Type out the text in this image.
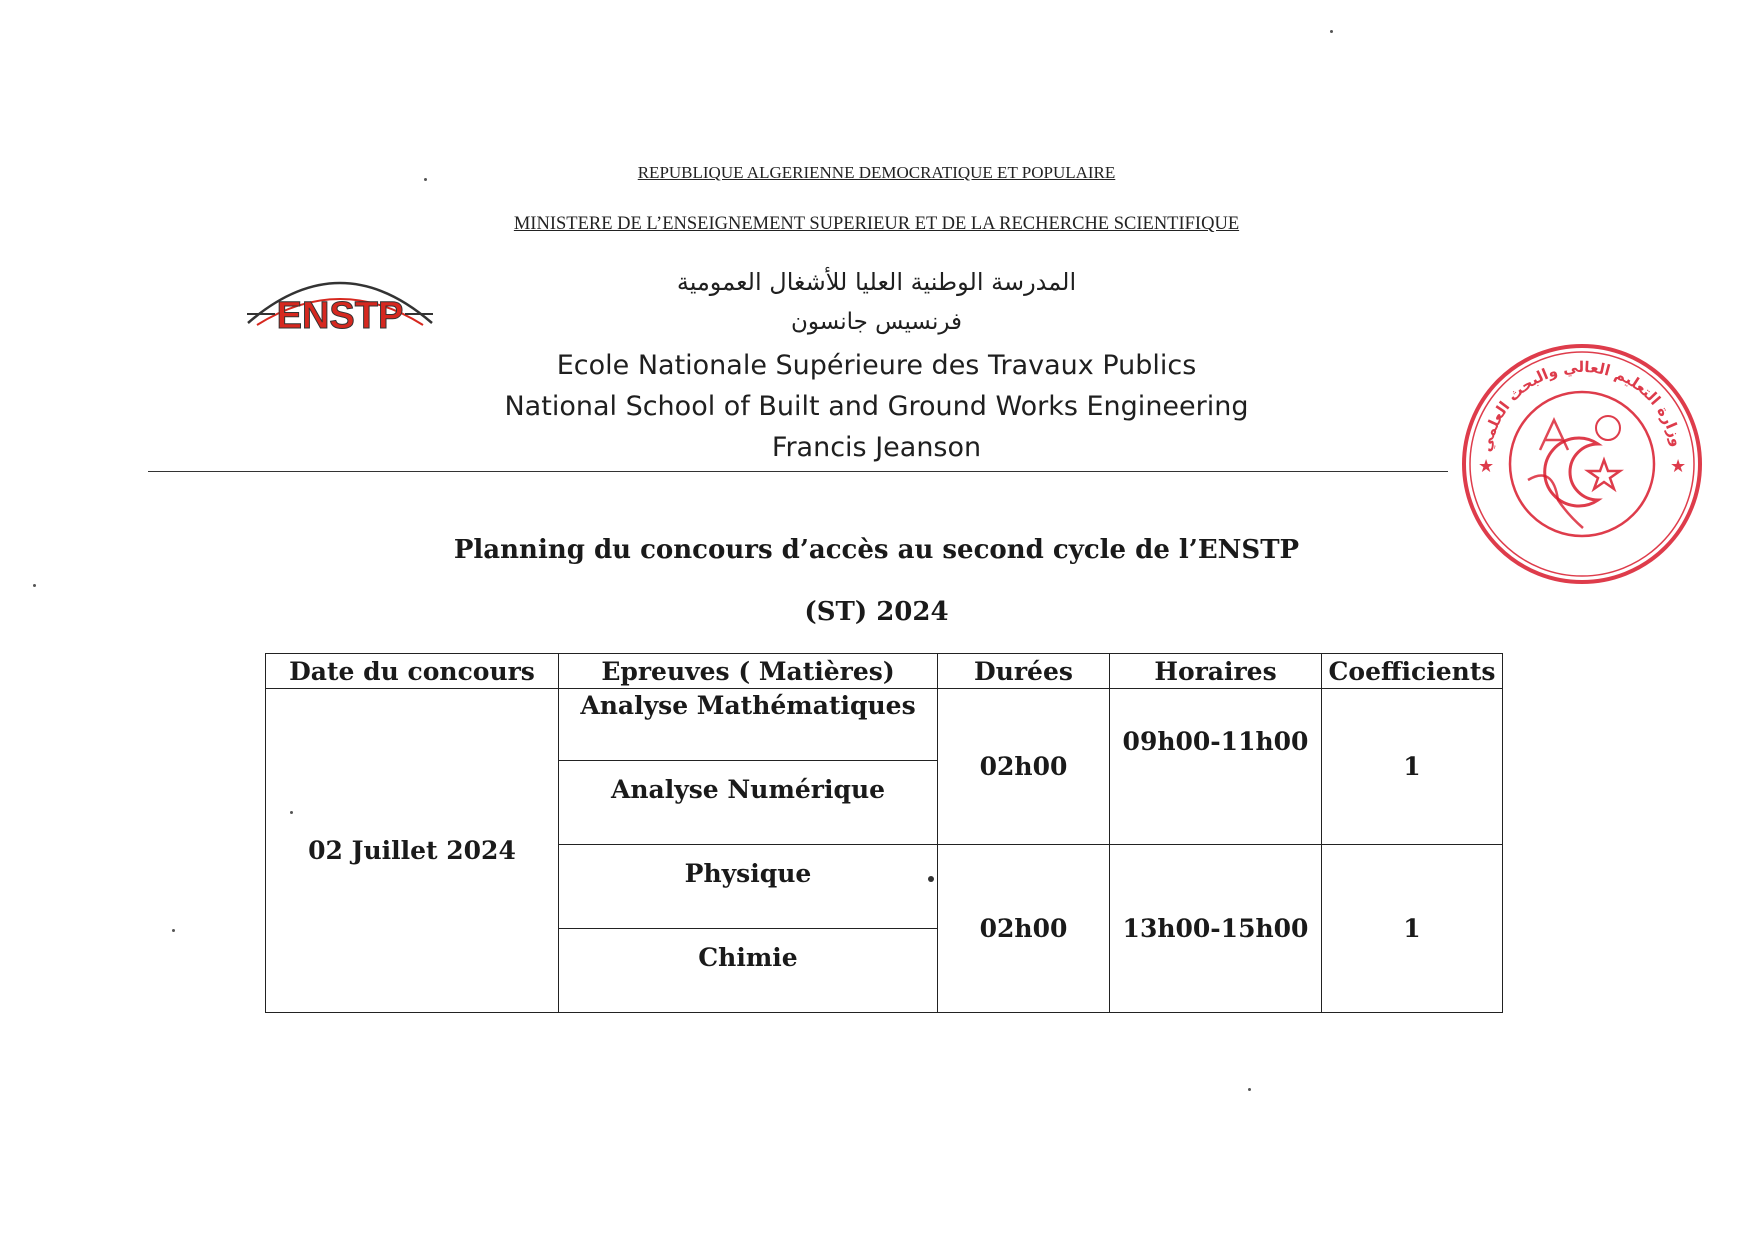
REPUBLIQUE ALGERIENNE DEMOCRATIQUE ET POPULAIRE
MINISTERE DE L’ENSEIGNEMENT SUPERIEUR ET DE LA RECHERCHE SCIENTIFIQUE
ENSTP
المدرسة الوطنية العليا للأشغال العمومية
فرنسيس جانسون
Ecole Nationale Supérieure des Travaux Publics
National School of Built and Ground Works Engineering
Francis Jeanson	وزارة التعليم العالي والبحث العلمي
★	★
Planning du concours d’accès au second cycle de l’ENSTP
(ST) 2024
Date du concours	Epreuves ( Matières)	Durées	Horaires	Coefficients
02 Juillet 2024	Analyse Mathématiques	02h00	09h00-11h00	1
	Analyse Numérique			
	Physique	02h00	13h00-15h00	1
	Chimie			
